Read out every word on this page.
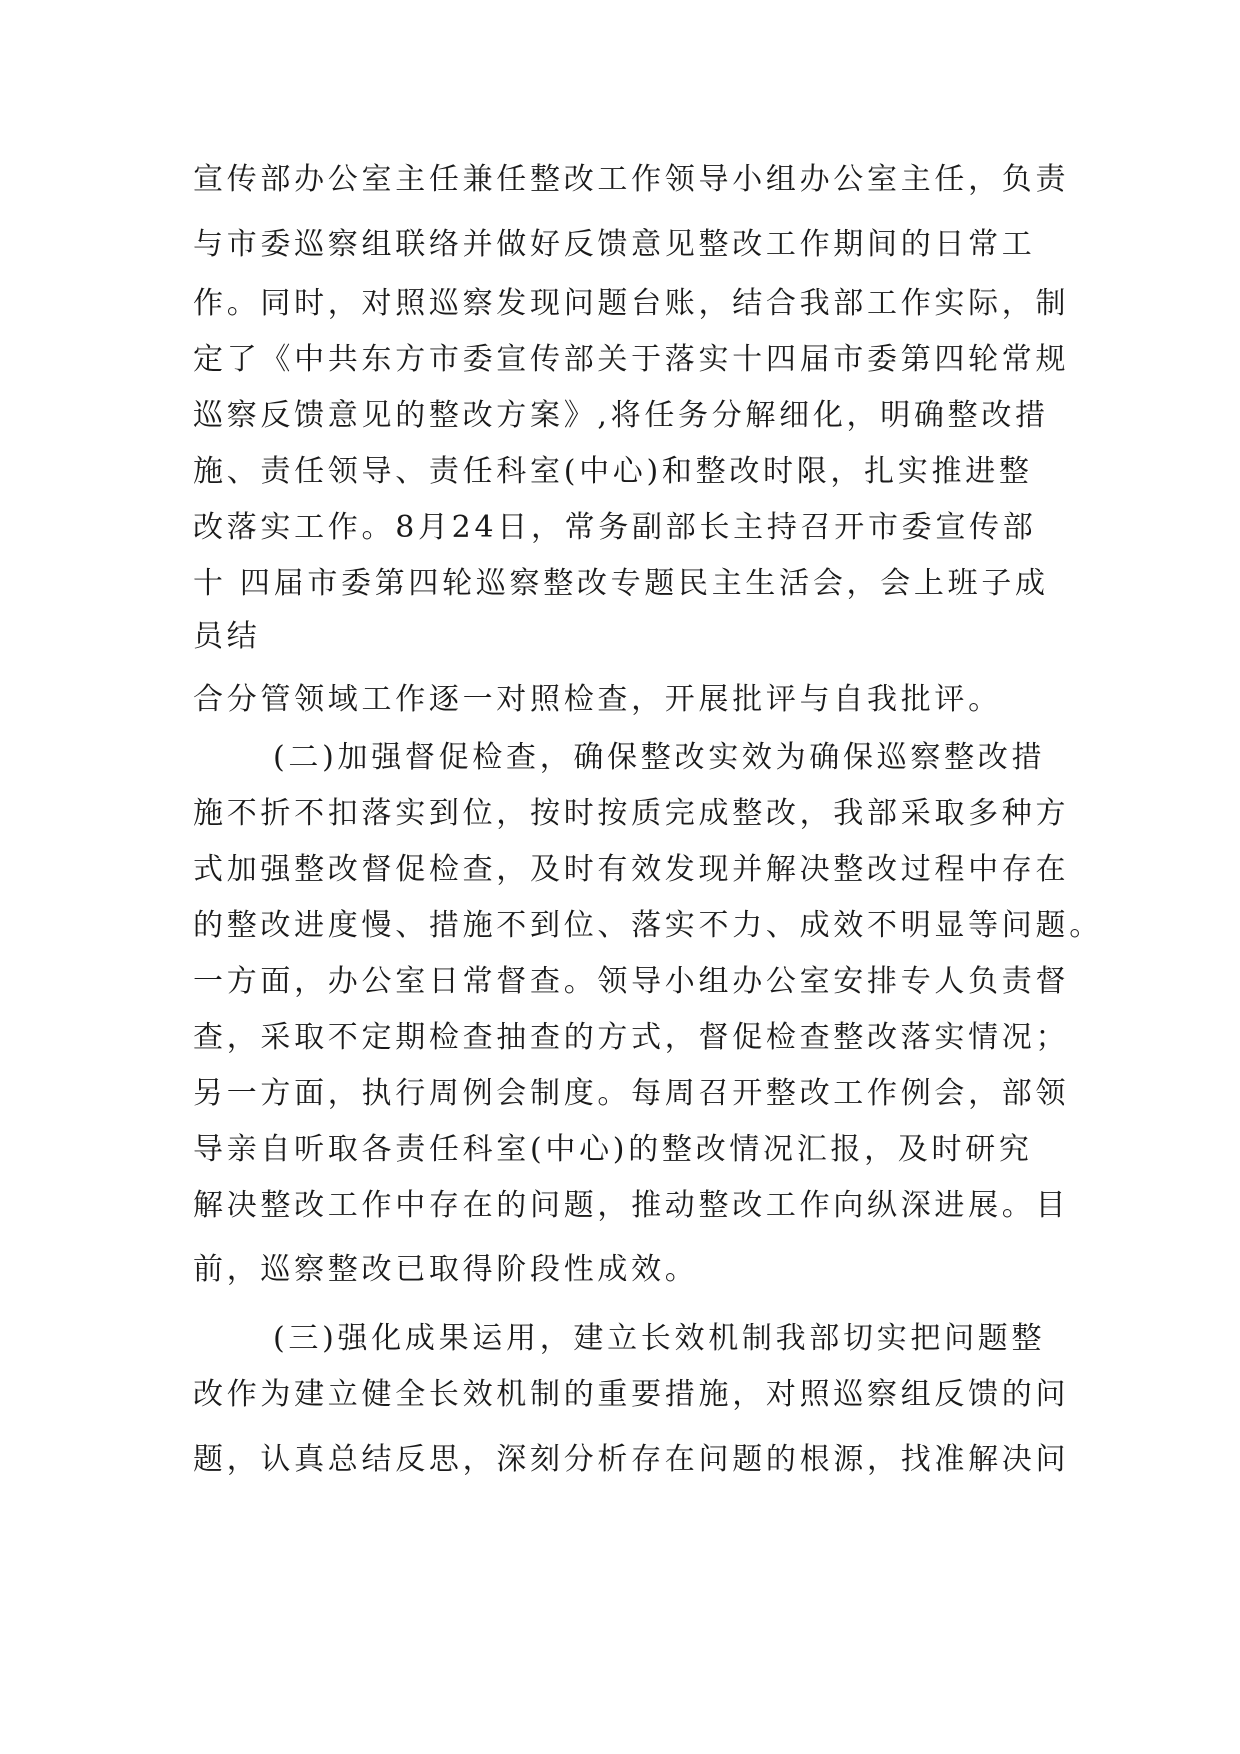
宣传部办公室主任兼任整改工作领导小组办公室主任，负责
与市委巡察组联络并做好反馈意见整改工作期间的日常工
作。同时，对照巡察发现问题台账，结合我部工作实际，制
定了《中共东方市委宣传部关于落实十四届市委第四轮常规
巡察反馈意见的整改方案》,将任务分解细化，明确整改措
施、责任领导、责任科室(中心)和整改时限，扎实推进整
改落实工作。8月24日，常务副部长主持召开市委宣传部
十 四届市委第四轮巡察整改专题民主生活会，会上班子成
员结
合分管领域工作逐一对照检查，开展批评与自我批评。
(二)加强督促检查，确保整改实效为确保巡察整改措
施不折不扣落实到位，按时按质完成整改，我部采取多种方
式加强整改督促检查，及时有效发现并解决整改过程中存在
的整改进度慢、措施不到位、落实不力、成效不明显等问题。
一方面，办公室日常督查。领导小组办公室安排专人负责督
查，采取不定期检查抽查的方式，督促检查整改落实情况；
另一方面，执行周例会制度。每周召开整改工作例会，部领
导亲自听取各责任科室(中心)的整改情况汇报，及时研究
解决整改工作中存在的问题，推动整改工作向纵深进展。目
前，巡察整改已取得阶段性成效。
(三)强化成果运用，建立长效机制我部切实把问题整
改作为建立健全长效机制的重要措施，对照巡察组反馈的问
题，认真总结反思，深刻分析存在问题的根源，找准解决问
